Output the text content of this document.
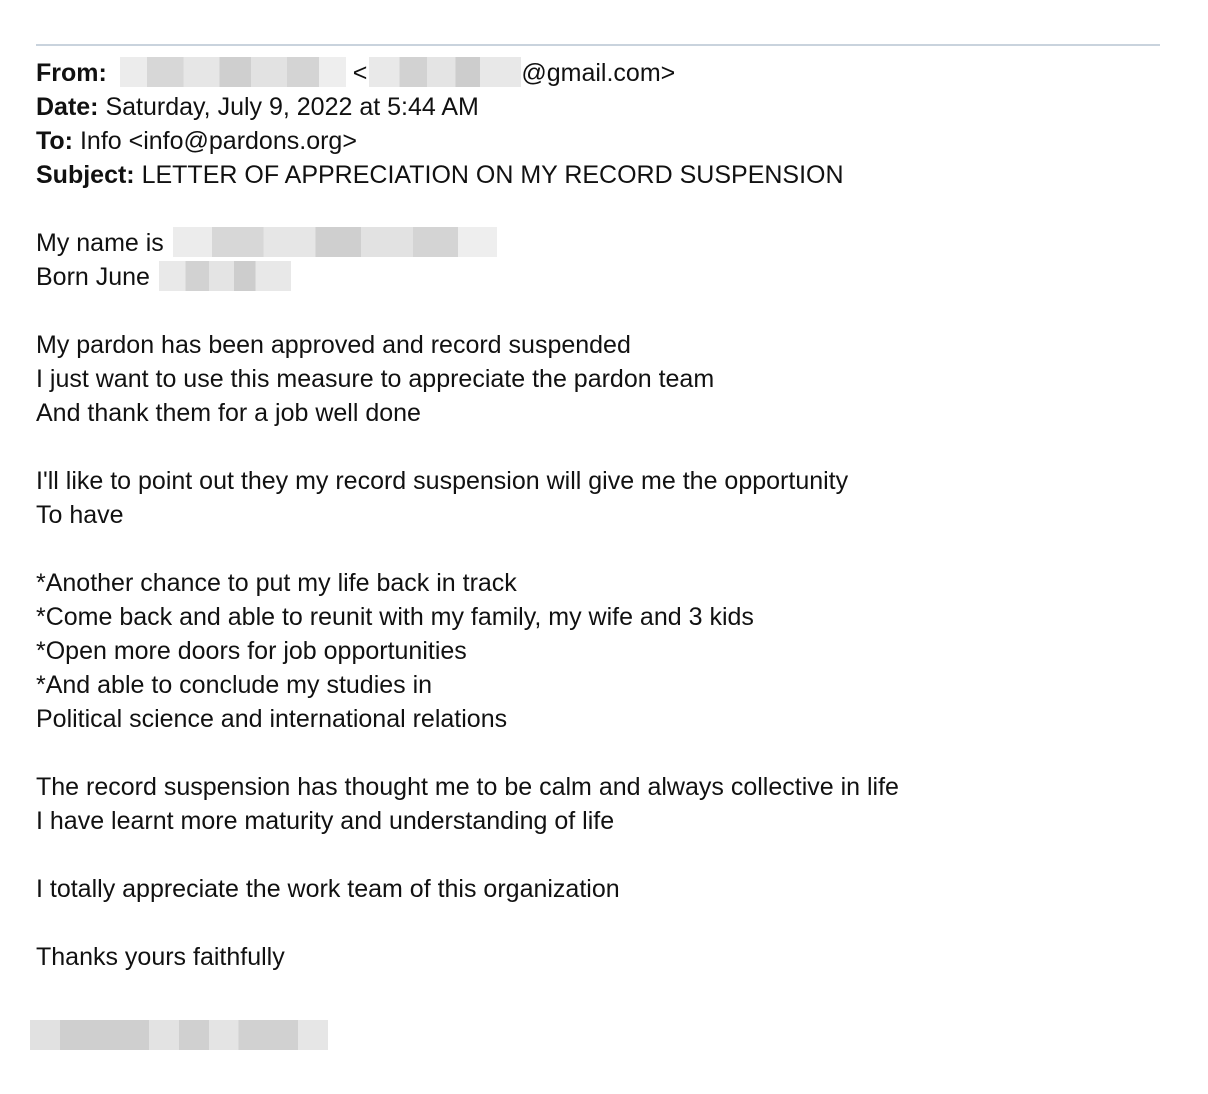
From:	<	@gmail.com>
Date: Saturday, July 9, 2022 at 5:44 AM
To: Info <info@pardons.org>
Subject: LETTER OF APPRECIATION ON MY RECORD SUSPENSION
My name is
Born June
My pardon has been approved and record suspended
I just want to use this measure to appreciate the pardon team
And thank them for a job well done
I'll like to point out they my record suspension will give me the opportunity
To have
*Another chance to put my life back in track
*Come back and able to reunit with my family, my wife and 3 kids
*Open more doors for job opportunities
*And able to conclude my studies in
Political science and international relations
The record suspension has thought me to be calm and always collective in life
I have learnt more maturity and understanding of life
I totally appreciate the work team of this organization
Thanks yours faithfully
